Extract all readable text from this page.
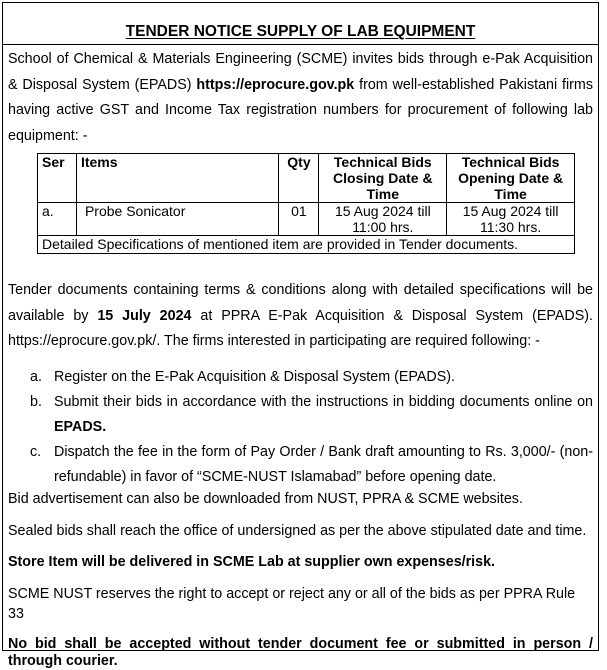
TENDER NOTICE SUPPLY OF LAB EQUIPMENT

School of Chemical & Materials Engineering (SCME) invites bids through e-Pak Acquisition & Disposal System (EPADS) https://eprocure.gov.pk from well-established Pakistani firms having active GST and Income Tax registration numbers for procurement of following lab equipment: -

Ser	Items	Qty	Technical Bids Closing Date & Time	Technical Bids Opening Date & Time
a.	Probe Sonicator	01	15 Aug 2024 till 11:00 hrs.	15 Aug 2024 till 11:30 hrs.
Detailed Specifications of mentioned item are provided in Tender documents.				

Tender documents containing terms & conditions along with detailed specifications will be available by 15 July 2024 at PPRA E-Pak Acquisition & Disposal System (EPADS). https://eprocure.gov.pk/. The firms interested in participating are required following: -

a. Register on the E-Pak Acquisition & Disposal System (EPADS).
b. Submit their bids in accordance with the instructions in bidding documents online on EPADS.
c. Dispatch the fee in the form of Pay Order / Bank draft amounting to Rs. 3,000/- (non-refundable) in favor of “SCME-NUST Islamabad” before opening date.

Bid advertisement can also be downloaded from NUST, PPRA & SCME websites.

Sealed bids shall reach the office of undersigned as per the above stipulated date and time.

Store Item will be delivered in SCME Lab at supplier own expenses/risk.

SCME NUST reserves the right to accept or reject any or all of the bids as per PPRA Rule 33

No bid shall be accepted without tender document fee or submitted in person / through courier.
